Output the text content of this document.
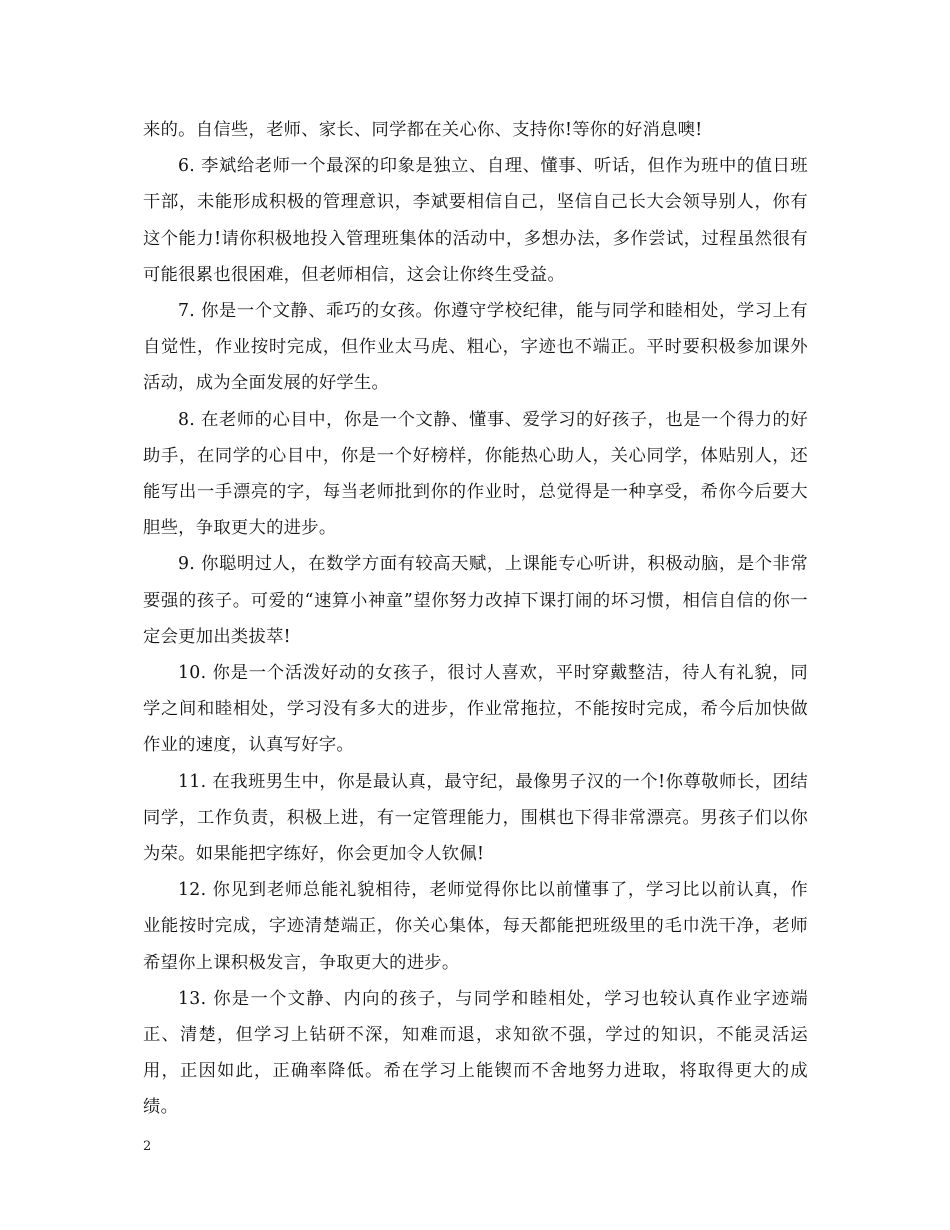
来的。自信些，老师、家长、同学都在关心你、支持你!等你的好消息噢!

6. 李斌给老师一个最深的印象是独立、自理、懂事、听话，但作为班中的值日班干部，未能形成积极的管理意识，李斌要相信自己，坚信自己长大会领导别人，你有这个能力!请你积极地投入管理班集体的活动中，多想办法，多作尝试，过程虽然很有可能很累也很困难，但老师相信，这会让你终生受益。

7. 你是一个文静、乖巧的女孩。你遵守学校纪律，能与同学和睦相处，学习上有自觉性，作业按时完成，但作业太马虎、粗心，字迹也不端正。平时要积极参加课外活动，成为全面发展的好学生。

8. 在老师的心目中，你是一个文静、懂事、爱学习的好孩子，也是一个得力的好助手，在同学的心目中，你是一个好榜样，你能热心助人，关心同学，体贴别人，还能写出一手漂亮的字，每当老师批到你的作业时，总觉得是一种享受，希你今后要大胆些，争取更大的进步。

9. 你聪明过人，在数学方面有较高天赋，上课能专心听讲，积极动脑，是个非常要强的孩子。可爱的“速算小神童”望你努力改掉下课打闹的坏习惯，相信自信的你一定会更加出类拔萃!

10. 你是一个活泼好动的女孩子，很讨人喜欢，平时穿戴整洁，待人有礼貌，同学之间和睦相处，学习没有多大的进步，作业常拖拉，不能按时完成，希今后加快做作业的速度，认真写好字。

11. 在我班男生中，你是最认真，最守纪，最像男子汉的一个!你尊敬师长，团结同学，工作负责，积极上进，有一定管理能力，围棋也下得非常漂亮。男孩子们以你为荣。如果能把字练好，你会更加令人钦佩!

12. 你见到老师总能礼貌相待，老师觉得你比以前懂事了，学习比以前认真，作业能按时完成，字迹清楚端正，你关心集体，每天都能把班级里的毛巾洗干净，老师希望你上课积极发言，争取更大的进步。

13. 你是一个文静、内向的孩子，与同学和睦相处，学习也较认真作业字迹端正、清楚，但学习上钻研不深，知难而退，求知欲不强，学过的知识，不能灵活运用，正因如此，正确率降低。希在学习上能锲而不舍地努力进取，将取得更大的成绩。

2
